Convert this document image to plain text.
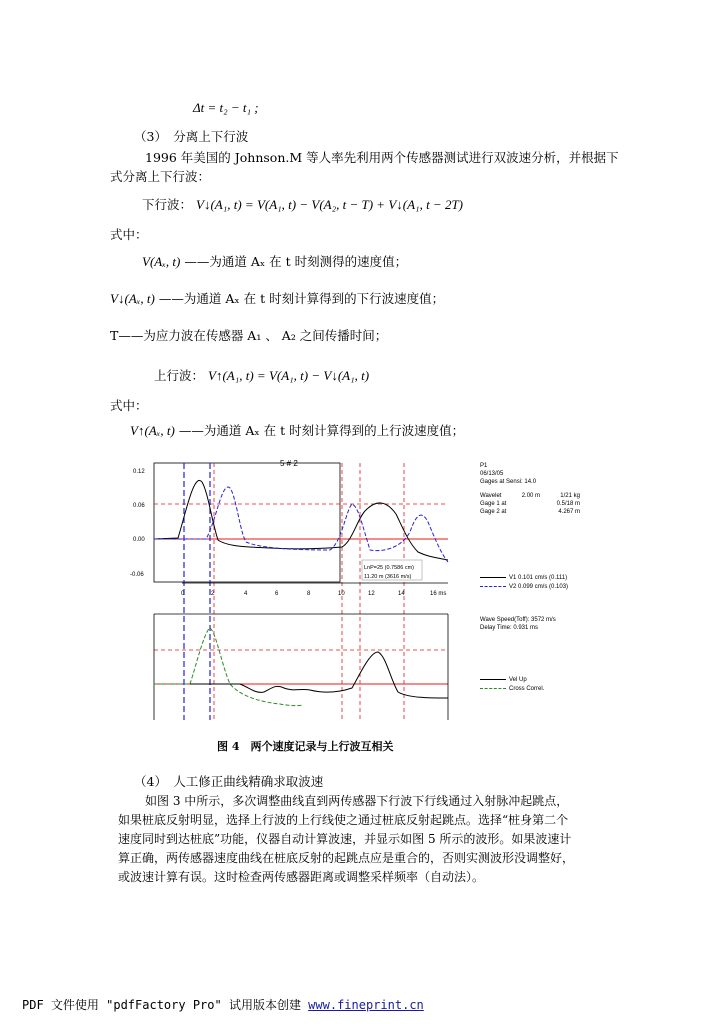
Δt = t₂ − t₁ ;
（3）　分离上下行波
1996 年美国的 Johnson.M 等人率先利用两个传感器测试进行双波速分析，并根据下
式分离上下行波：
下行波： V↓(A₁, t) = V(A₁, t) − V(A₂, t − T) + V↓(A₁, t − 2T)
式中：
V(Aₓ, t) ——为通道 Aₓ 在 t 时刻测得的速度值；
V↓(Aₓ, t) ——为通道 Aₓ 在 t 时刻计算得到的下行波速度值；
T——为应力波在传感器 A₁ 、 A₂ 之间传播时间；
上行波： V↑(A₁, t) = V(A₁, t) − V↓(A₁, t)
式中：
V↑(Aₓ, t) ——为通道 Aₓ 在 t 时刻计算得到的上行波速度值；
5 # 2
0.12
0.06
0.00
-0.06
0	2	4	6	8	10	12	14	16 ms
LnP=25 (0.7586 cm)
11.20 m (3616 m/s)
P1
06/13/05
Gages at Sensi: 14.0
Wavelet	2.00 m	1/21 kg
Gage 1 at	0.5/18 m
Gage 2 at	4.267 m
V1 0.101 cm/s (0.111)
V2 0.099 cm/s (0.103)
Wave Speed(Toff): 3572 m/s
Delay Time: 0.931 ms
Vel Up
Cross Correl.
图 4　两个速度记录与上行波互相关
（4）　人工修正曲线精确求取波速
如图 3 中所示，多次调整曲线直到两传感器下行波下行线通过入射脉冲起跳点，
如果桩底反射明显，选择上行波的上行线使之通过桩底反射起跳点。选择“桩身第二个
速度同时到达桩底”功能，仪器自动计算波速，并显示如图 5 所示的波形。如果波速计
算正确，两传感器速度曲线在桩底反射的起跳点应是重合的，否则实测波形没调整好，
或波速计算有误。这时检查两传感器距离或调整采样频率（自动法）。
PDF 文件使用 "pdfFactory Pro" 试用版本创建 www.fineprint.cn
